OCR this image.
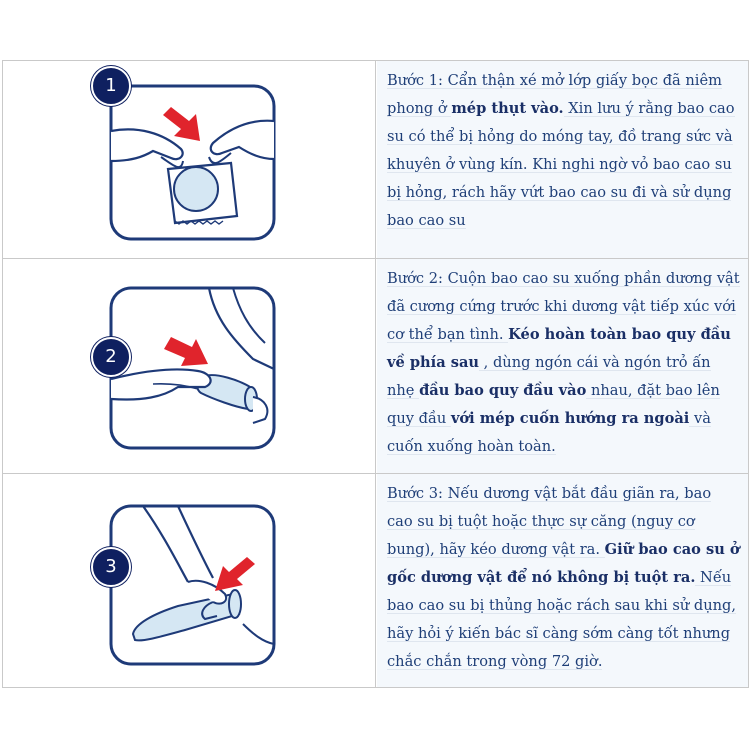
1	Bước 1: Cẩn thận xé mở lớp giấy bọc đã niêm phong ở mép thụt vào. Xin lưu ý rằng bao cao su có thể bị hỏng do móng tay, đồ trang sức và khuyên ở vùng kín. Khi nghi ngờ vỏ bao cao su bị hỏng, rách hãy vứt bao cao su đi và sử dụng bao cao su
2
Bước 2: Cuộn bao cao su xuống phần dương vật đã cương cứng trước khi dương vật tiếp xúc với cơ thể bạn tình. Kéo hoàn toàn bao quy đầu về phía sau , dùng ngón cái và ngón trỏ ấn nhẹ đầu bao quy đầu vào nhau, đặt bao lên quy đầu với mép cuốn hướng ra ngoài và cuốn xuống hoàn toàn.
3
Bước 3: Nếu dương vật bắt đầu giãn ra, bao cao su bị tuột hoặc thực sự căng (nguy cơ bung), hãy kéo dương vật ra. Giữ bao cao su ở gốc dương vật để nó không bị tuột ra. Nếu bao cao su bị thủng hoặc rách sau khi sử dụng, hãy hỏi ý kiến bác sĩ càng sớm càng tốt nhưng chắc chắn trong vòng 72 giờ.
